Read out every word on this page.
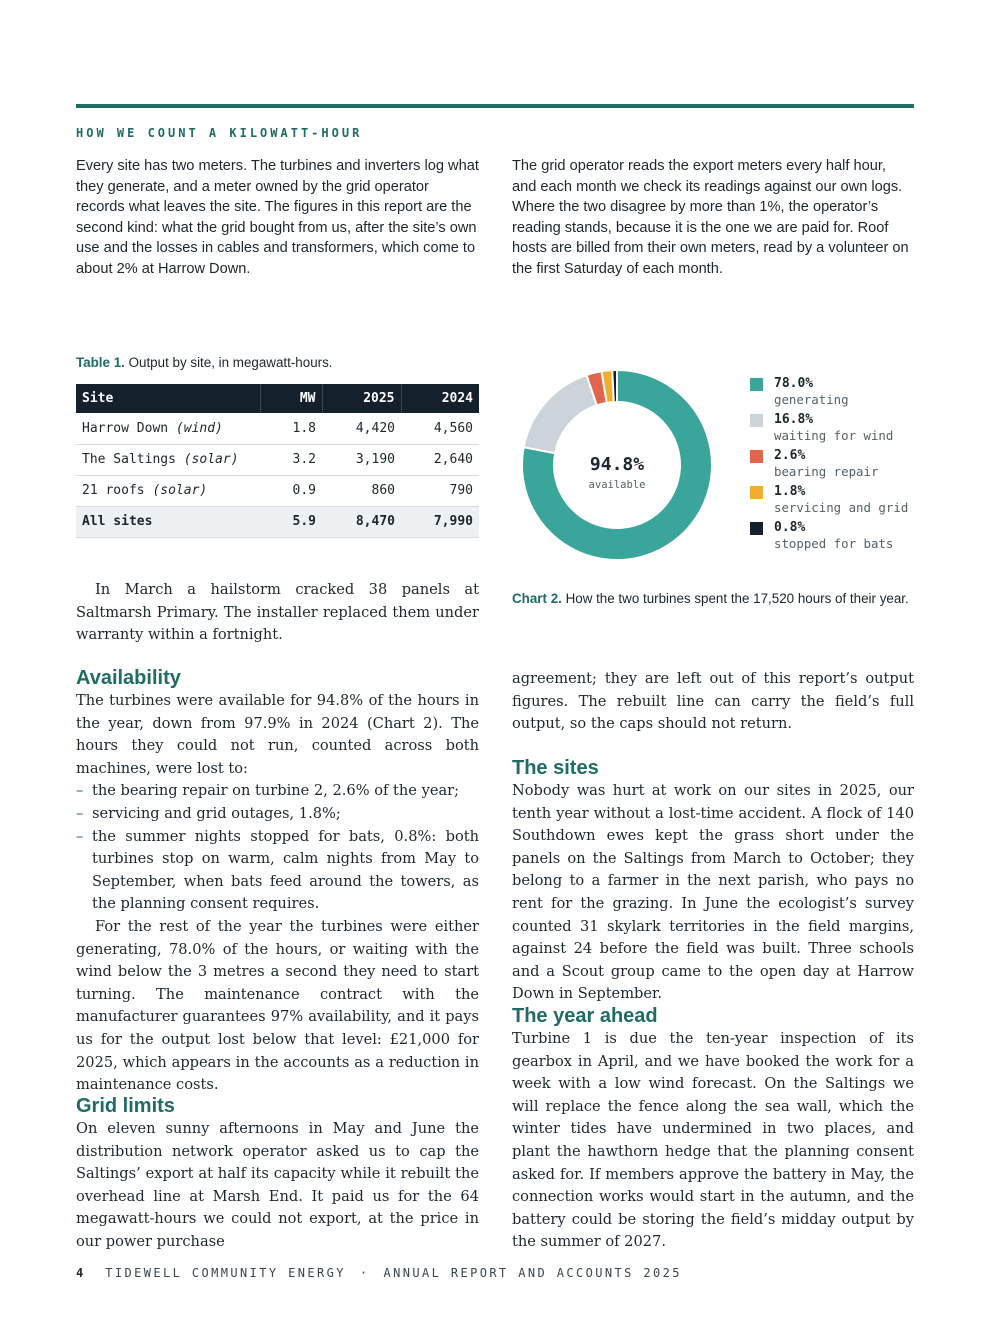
HOW WE COUNT A KILOWATT-HOUR
Every site has two meters. The turbines and inverters log what they generate, and a meter owned by the grid operator records what leaves the site. The figures in this report are the second kind: what the grid bought from us, after the site’s own use and the losses in cables and transformers, which come to about 2% at Harrow Down.
The grid operator reads the export meters every half hour, and each month we check its readings against our own logs. Where the two disagree by more than 1%, the operator’s reading stands, because it is the one we are paid for. Roof hosts are billed from their own meters, read by a volunteer on the first Saturday of each month.
Table 1. Output by site, in megawatt-hours.
Site	MW	2025	2024
Harrow Down (wind)	1.8	4,420	4,560
The Saltings (solar)	3.2	3,190	2,640
21 roofs (solar)	0.9	860	790
All sites	5.9	8,470	7,990
94.8%
available
78.0%
generating
16.8%
waiting for wind
2.6%
bearing repair
1.8%
servicing and grid
0.8%
stopped for bats
Chart 2. How the two turbines spent the 17,520 hours of their year.

In March a hailstorm cracked 38 panels at Saltmarsh Primary. The installer replaced them under warranty within a fortnight.

Availability

The turbines were available for 94.8% of the hours in the year, down from 97.9% in 2024 (Chart 2). The hours they could not run, counted across both machines, were lost to:

– the bearing repair on turbine 2, 2.6% of the year;
– servicing and grid outages, 1.8%;
– the summer nights stopped for bats, 0.8%: both turbines stop on warm, calm nights from May to September, when bats feed around the towers, as the planning consent requires.

For the rest of the year the turbines were either generating, 78.0% of the hours, or waiting with the wind below the 3 metres a second they need to start turning. The maintenance contract with the manufacturer guarantees 97% availability, and it pays us for the output lost below that level: £21,000 for 2025, which appears in the accounts as a reduction in maintenance costs.

Grid limits

On eleven sunny afternoons in May and June the distribution network operator asked us to cap the Saltings’ export at half its capacity while it rebuilt the overhead line at Marsh End. It paid us for the 64 megawatt-hours we could not export, at the price in our power purchase

agreement; they are left out of this report’s output figures. The rebuilt line can carry the field’s full output, so the caps should not return.

The sites

Nobody was hurt at work on our sites in 2025, our tenth year without a lost-time accident. A flock of 140 Southdown ewes kept the grass short under the panels on the Saltings from March to October; they belong to a farmer in the next parish, who pays no rent for the grazing. In June the ecologist’s survey counted 31 skylark territories in the field margins, against 24 before the field was built. Three schools and a Scout group came to the open day at Harrow Down in September.

The year ahead

Turbine 1 is due the ten-year inspection of its gearbox in April, and we have booked the work for a week with a low wind forecast. On the Saltings we will replace the fence along the sea wall, which the winter tides have undermined in two places, and plant the hawthorn hedge that the planning consent asked for. If members approve the battery in May, the connection works would start in the autumn, and the battery could be storing the field’s midday output by the summer of 2027.

4 TIDEWELL COMMUNITY ENERGY · ANNUAL REPORT AND ACCOUNTS 2025
